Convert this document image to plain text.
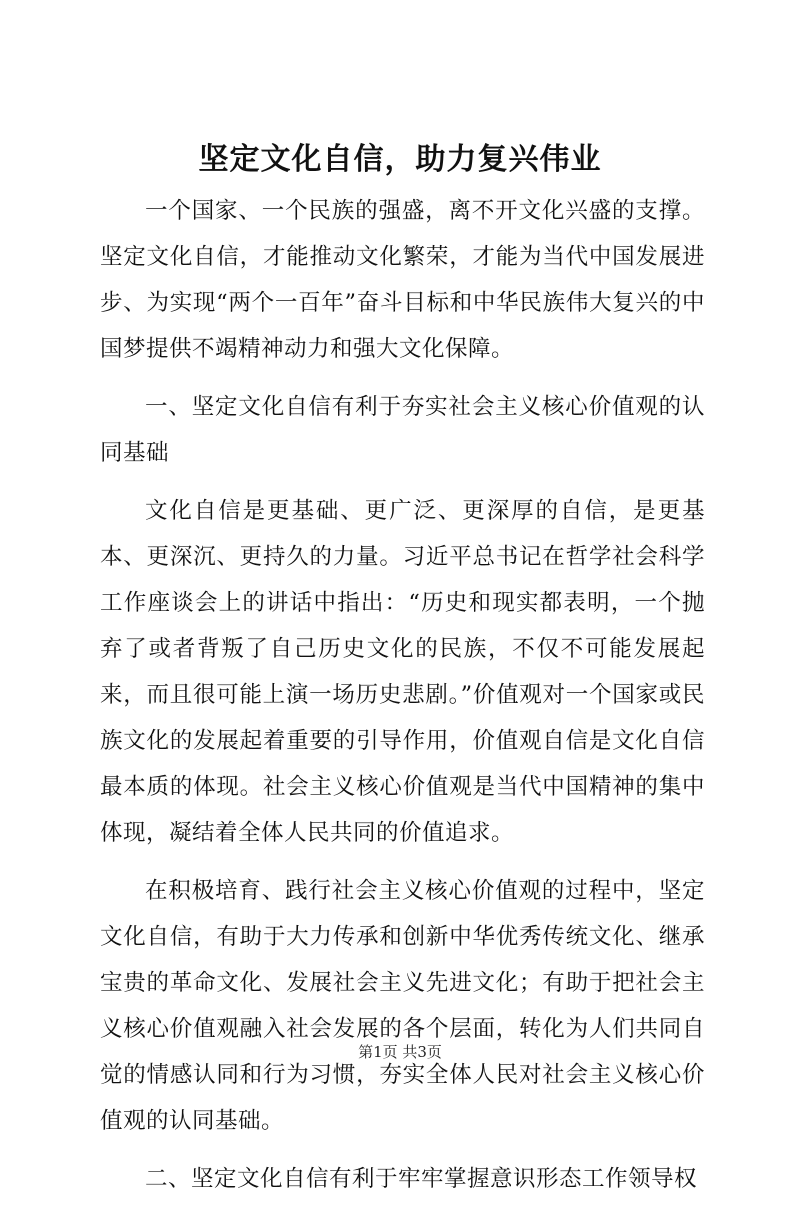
坚定文化自信，助力复兴伟业

一个国家、一个民族的强盛，离不开文化兴盛的支撑。坚定文化自信，才能推动文化繁荣，才能为当代中国发展进步、为实现“两个一百年”奋斗目标和中华民族伟大复兴的中国梦提供不竭精神动力和强大文化保障。

一、坚定文化自信有利于夯实社会主义核心价值观的认同基础

文化自信是更基础、更广泛、更深厚的自信，是更基本、更深沉、更持久的力量。习近平总书记在哲学社会科学工作座谈会上的讲话中指出：“历史和现实都表明，一个抛弃了或者背叛了自己历史文化的民族，不仅不可能发展起来，而且很可能上演一场历史悲剧。”价值观对一个国家或民族文化的发展起着重要的引导作用，价值观自信是文化自信最本质的体现。社会主义核心价值观是当代中国精神的集中体现，凝结着全体人民共同的价值追求。

在积极培育、践行社会主义核心价值观的过程中，坚定文化自信，有助于大力传承和创新中华优秀传统文化、继承宝贵的革命文化、发展社会主义先进文化；有助于把社会主义核心价值观融入社会发展的各个层面，转化为人们共同自觉的情感认同和行为习惯，夯实全体人民对社会主义核心价值观的认同基础。

二、坚定文化自信有利于牢牢掌握意识形态工作领导权

第1页 共3页
